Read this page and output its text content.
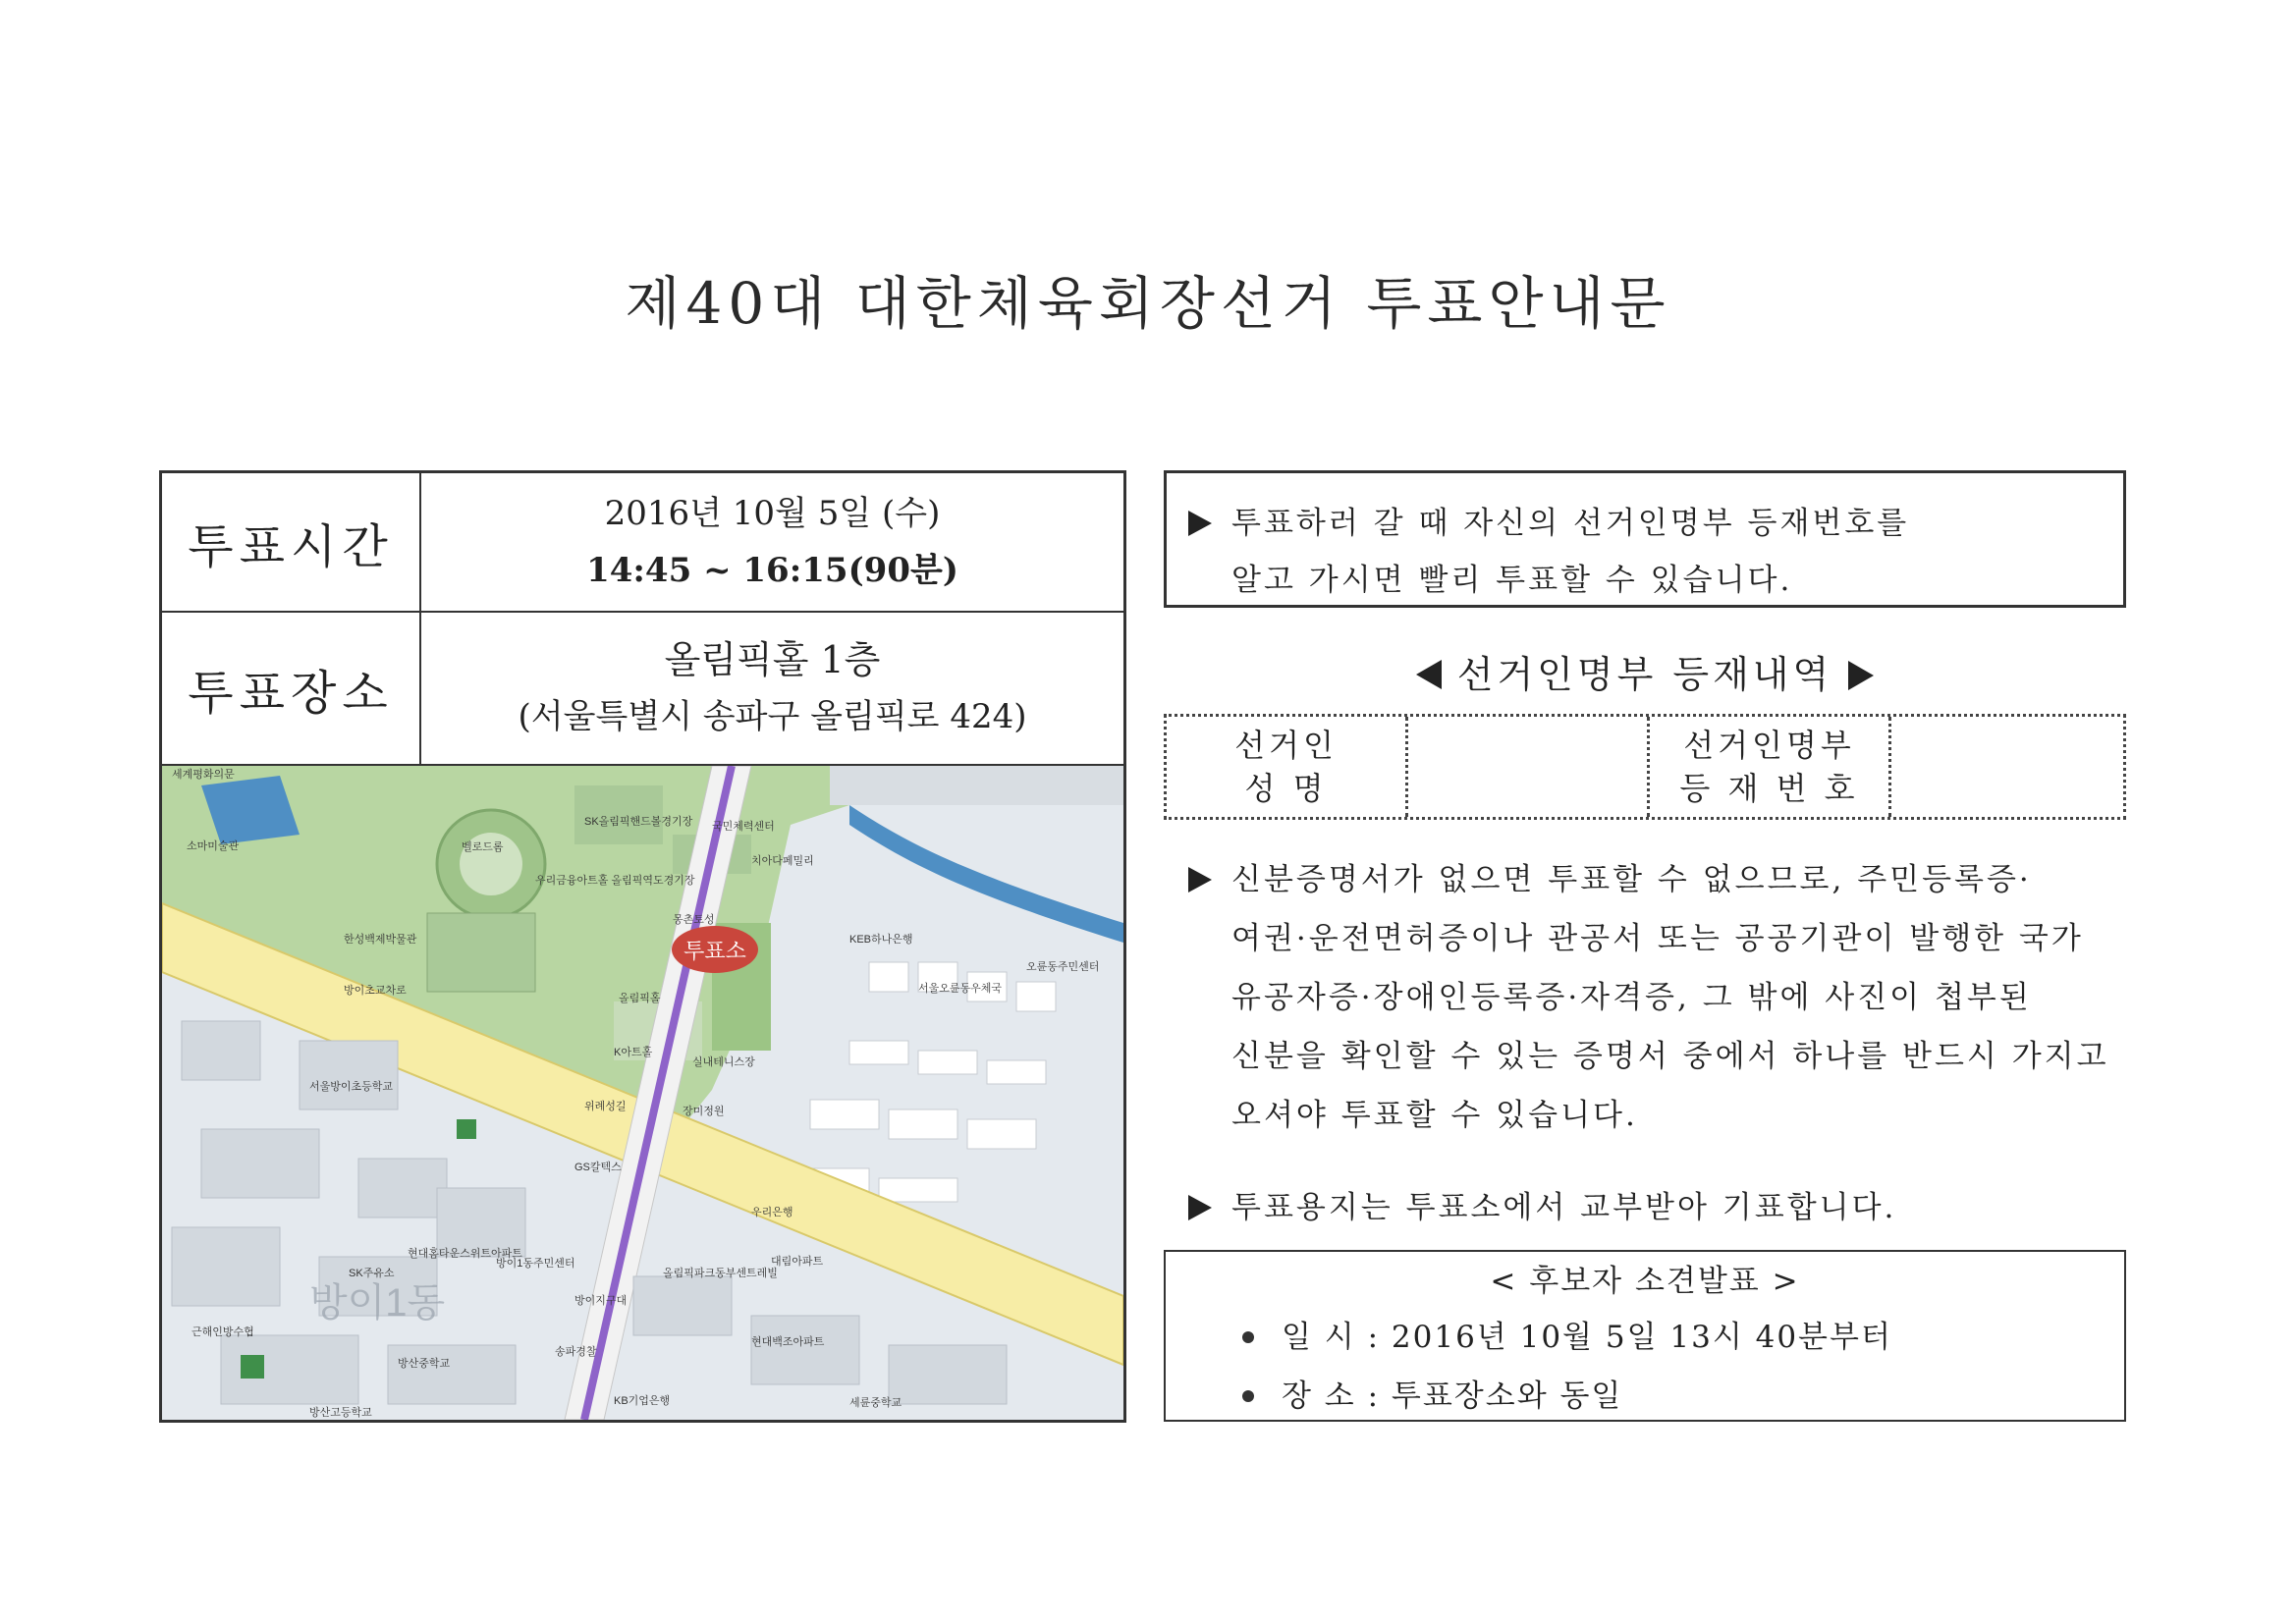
제40대 대한체육회장선거 투표안내문
투표시간
2016년 10월 5일 (수)
14:45 ~ 16:15(90분)
투표장소
올림픽홀 1층
(서울특별시 송파구 올림픽로 424)
투표소
올림픽홀
SK올림픽핸드볼경기장
벨로드롬
우리금융아트홀 올림픽역도경기장
국민체력센터
치아다페밀리
KEB하나은행
서울오륜동우체국
오륜동주민센터
K아트홀
실내테니스장
장미정원
위례성길
GS칼텍스
우리은행
방이1동주민센터
방이지구대
올림픽파크동부센트레빌
대림아파트
현대홈타운스위트아파트
현대백조아파트
송파경찰
KB기업은행
서울방이초등학교
방산중학교
방산고등학교
세륜중학교
방이초교차로
SK주유소
근해인방수협
한성백제박물관
소마미술관
세계평화의문
몽촌토성
방이1동
투표하러 갈 때 자신의 선거인명부 등재번호를
알고 가시면 빨리 투표할 수 있습니다.
선거인명부 등재내역
선거인
성 명
선거인명부
등 재 번 호
신분증명서가 없으면 투표할 수 없으므로, 주민등록증·
여권·운전면허증이나 관공서 또는 공공기관이 발행한 국가
유공자증·장애인등록증·자격증, 그 밖에 사진이 첩부된
신분을 확인할 수 있는 증명서 중에서 하나를 반드시 가지고
오셔야 투표할 수 있습니다.
투표용지는 투표소에서 교부받아 기표합니다.
< 후보자 소견발표 >
일 시 : 2016년 10월 5일 13시 40분부터
장 소 : 투표장소와 동일
